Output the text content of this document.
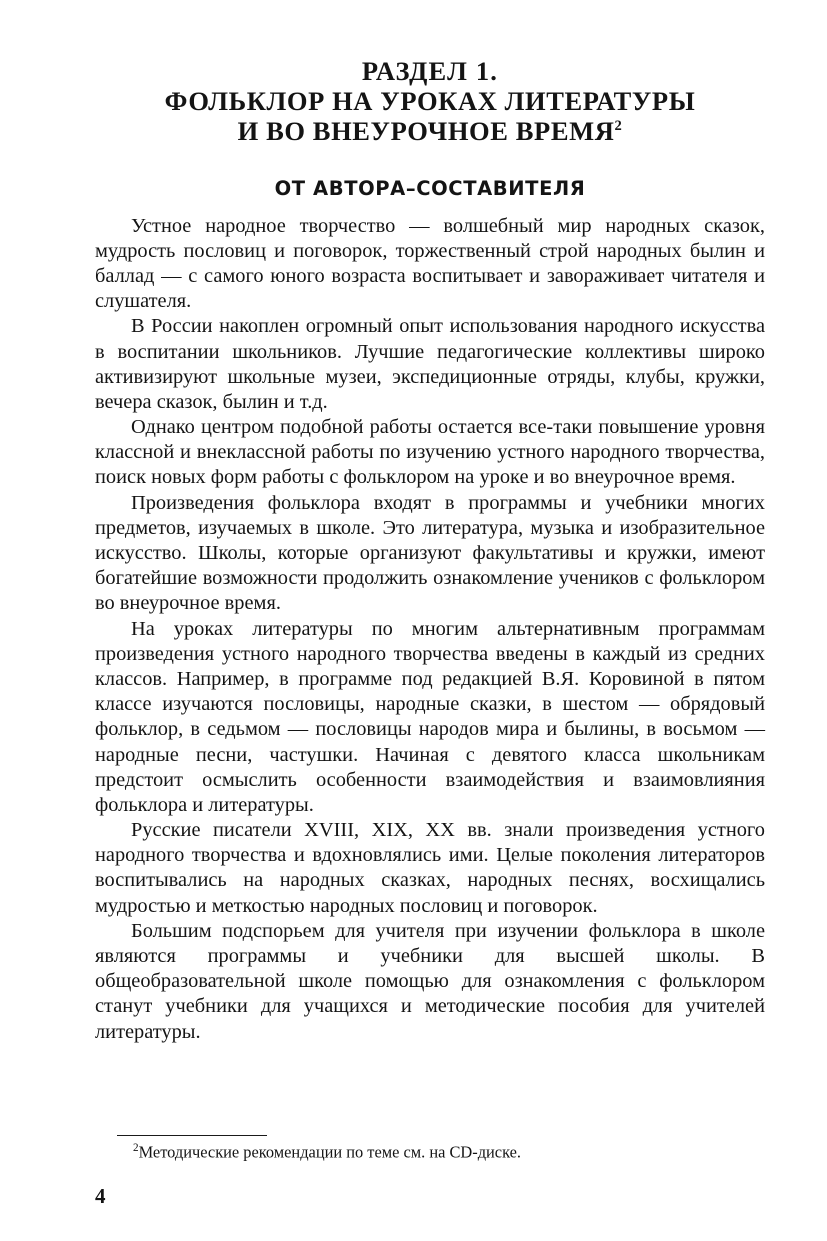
РАЗДЕЛ 1.
ФОЛЬКЛОР НА УРОКАХ ЛИТЕРАТУРЫ
И ВО ВНЕУРОЧНОЕ ВРЕМЯ$^2$
ОТ АВТОРА–СОСТАВИТЕЛЯ

Устное народное творчество — волшебный мир народных сказок, мудрость пословиц и поговорок, торжественный строй народных былин и баллад — с самого юного возраста воспитывает и завораживает читателя и слушателя.

В России накоплен огромный опыт использования народного искусства в воспитании школьников. Лучшие педагогические коллективы широко активизируют школьные музеи, экспедиционные отряды, клубы, кружки, вечера сказок, былин и т.д.

Однако центром подобной работы остается все-таки повышение уровня классной и внеклассной работы по изучению устного народного творчества, поиск новых форм работы с фольклором на уроке и во внеурочное время.

Произведения фольклора входят в программы и учебники многих предметов, изучаемых в школе. Это литература, музыка и изобразительное искусство. Школы, которые организуют факультативы и кружки, имеют богатейшие возможности продолжить ознакомление учеников с фольклором во внеурочное время.

На уроках литературы по многим альтернативным программам произведения устного народного творчества введены в каждый из средних классов. Например, в программе под редакцией В.Я. Коровиной в пятом классе изучаются пословицы, народные сказки, в шестом — обрядовый фольклор, в седьмом — пословицы народов мира и былины, в восьмом — народные песни, частушки. Начиная с девятого класса школьникам предстоит осмыслить особенности взаимодействия и взаимовлияния фольклора и литературы.

Русские писатели XVIII, XIX, XX вв. знали произведения устного народного творчества и вдохновлялись ими. Целые поколения литераторов воспитывались на народных сказках, народных песнях, восхищались мудростью и меткостью народных пословиц и поговорок.

Большим подспорьем для учителя при изучении фольклора в школе являются программы и учебники для высшей школы. В общеобразовательной школе помощью для ознакомления с фольклором станут учебники для учащихся и методические пособия для учителей литературы.

$^2$Методические рекомендации по теме см. на CD-диске.
4
